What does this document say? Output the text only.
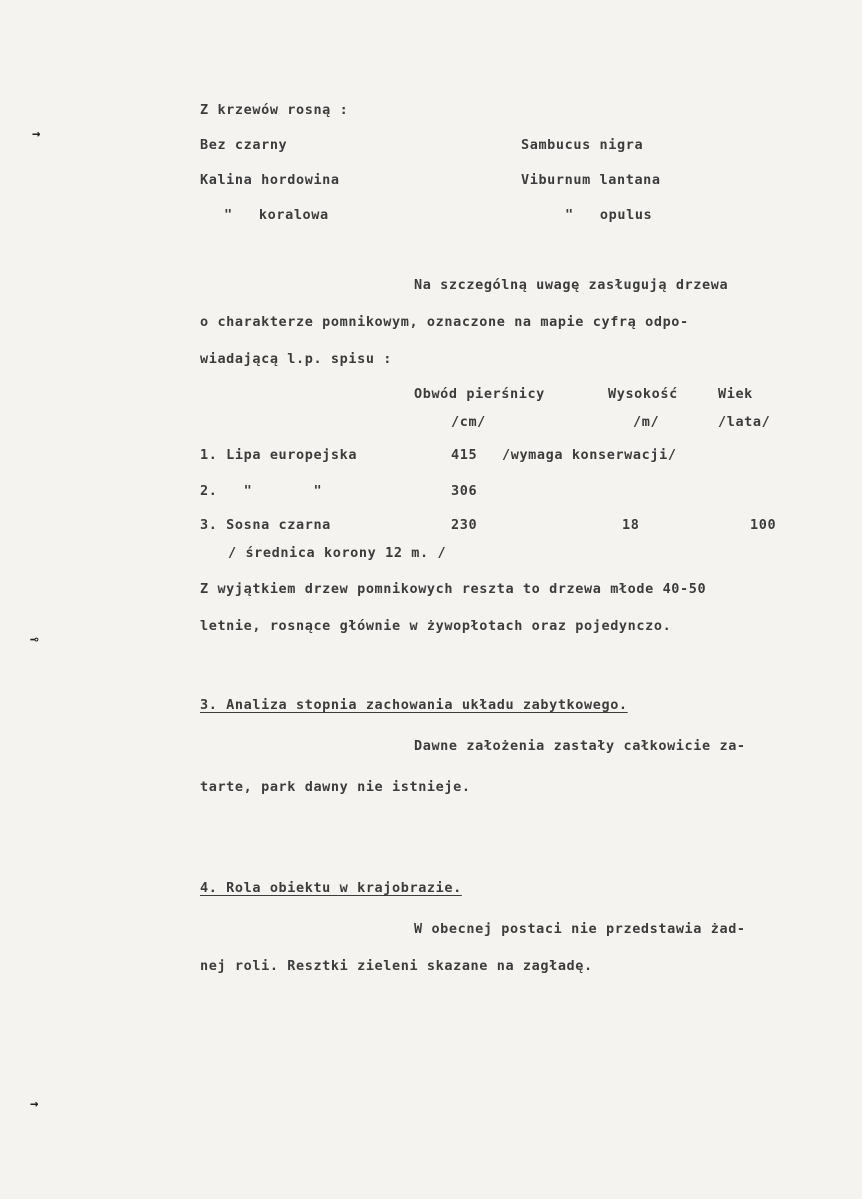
→
⊸
→
Z krzewów rosną :
Bez czarny	Sambucus nigra
Kalina hordowina	Viburnum lantana
"   koralowa	"   opulus
Na szczególną uwagę zasługują drzewa
o charakterze pomnikowym, oznaczone na mapie cyfrą odpo-
wiadającą l.p. spisu :
Obwód pierśnicy	Wysokość	Wiek
/cm/	/m/	/lata/
1. Lipa europejska	415 /wymaga konserwacji/
2.   "       "	306
3. Sosna czarna	230	18	100
/ średnica korony 12 m. /
Z wyjątkiem drzew pomnikowych reszta to drzewa młode 40-50
letnie, rosnące głównie w żywopłotach oraz pojedynczo.
3. Analiza stopnia zachowania układu zabytkowego.
Dawne założenia zastały całkowicie za-
tarte, park dawny nie istnieje.
4. Rola obiektu w krajobrazie.
W obecnej postaci nie przedstawia żad-
nej roli. Resztki zieleni skazane na zagładę.
